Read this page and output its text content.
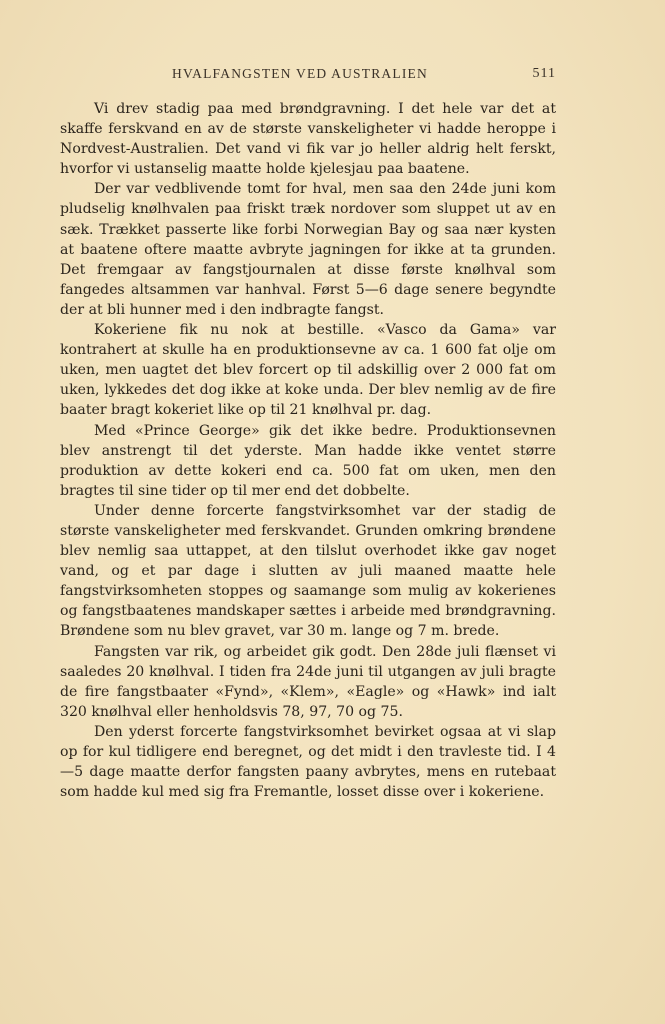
HVALFANGSTEN VED AUSTRALIEN	511

Vi drev stadig paa med brøndgravning. I det hele var det at skaffe ferskvand en av de største vanskeligheter vi hadde heroppe i Nordvest-Australien. Det vand vi fik var jo heller aldrig helt ferskt, hvorfor vi ustanselig maatte holde kjelesjau paa baatene.

Der var vedblivende tomt for hval, men saa den 24de juni kom pludselig knølhvalen paa friskt træk nordover som sluppet ut av en sæk. Trækket passerte like forbi Norwegian Bay og saa nær kysten at baatene oftere maatte avbryte jagningen for ikke at ta grunden. Det fremgaar av fangstjournalen at disse første knølhval som fangedes altsammen var hanhval. Først 5—6 dage senere begyndte der at bli hunner med i den indbragte fangst.

Kokeriene fik nu nok at bestille. «Vasco da Gama» var kontrahert at skulle ha en produktionsevne av ca. 1 600 fat olje om uken, men uagtet det blev forcert op til adskillig over 2 000 fat om uken, lykkedes det dog ikke at koke unda. Der blev nemlig av de fire baater bragt kokeriet like op til 21 knølhval pr. dag.

Med «Prince George» gik det ikke bedre. Produktionsevnen blev anstrengt til det yderste. Man hadde ikke ventet større produktion av dette kokeri end ca. 500 fat om uken, men den bragtes til sine tider op til mer end det dobbelte.

Under denne forcerte fangstvirksomhet var der stadig de største vanskeligheter med ferskvandet. Grunden omkring brøndene blev nemlig saa uttappet, at den tilslut overhodet ikke gav noget vand, og et par dage i slutten av juli maaned maatte hele fangstvirksomheten stoppes og saamange som mulig av kokerienes og fangstbaatenes mandskaper sættes i arbeide med brøndgravning. Brøndene som nu blev gravet, var 30 m. lange og 7 m. brede.

Fangsten var rik, og arbeidet gik godt. Den 28de juli flænset vi saaledes 20 knølhval. I tiden fra 24de juni til utgangen av juli bragte de fire fangstbaater «Fynd», «Klem», «Eagle» og «Hawk» ind ialt 320 knølhval eller henholdsvis 78, 97, 70 og 75.

Den yderst forcerte fangstvirksomhet bevirket ogsaa at vi slap op for kul tidligere end beregnet, og det midt i den travleste tid. I 4—5 dage maatte derfor fangsten paany avbrytes, mens en rutebaat som hadde kul med sig fra Fremantle, losset disse over i kokeriene.
